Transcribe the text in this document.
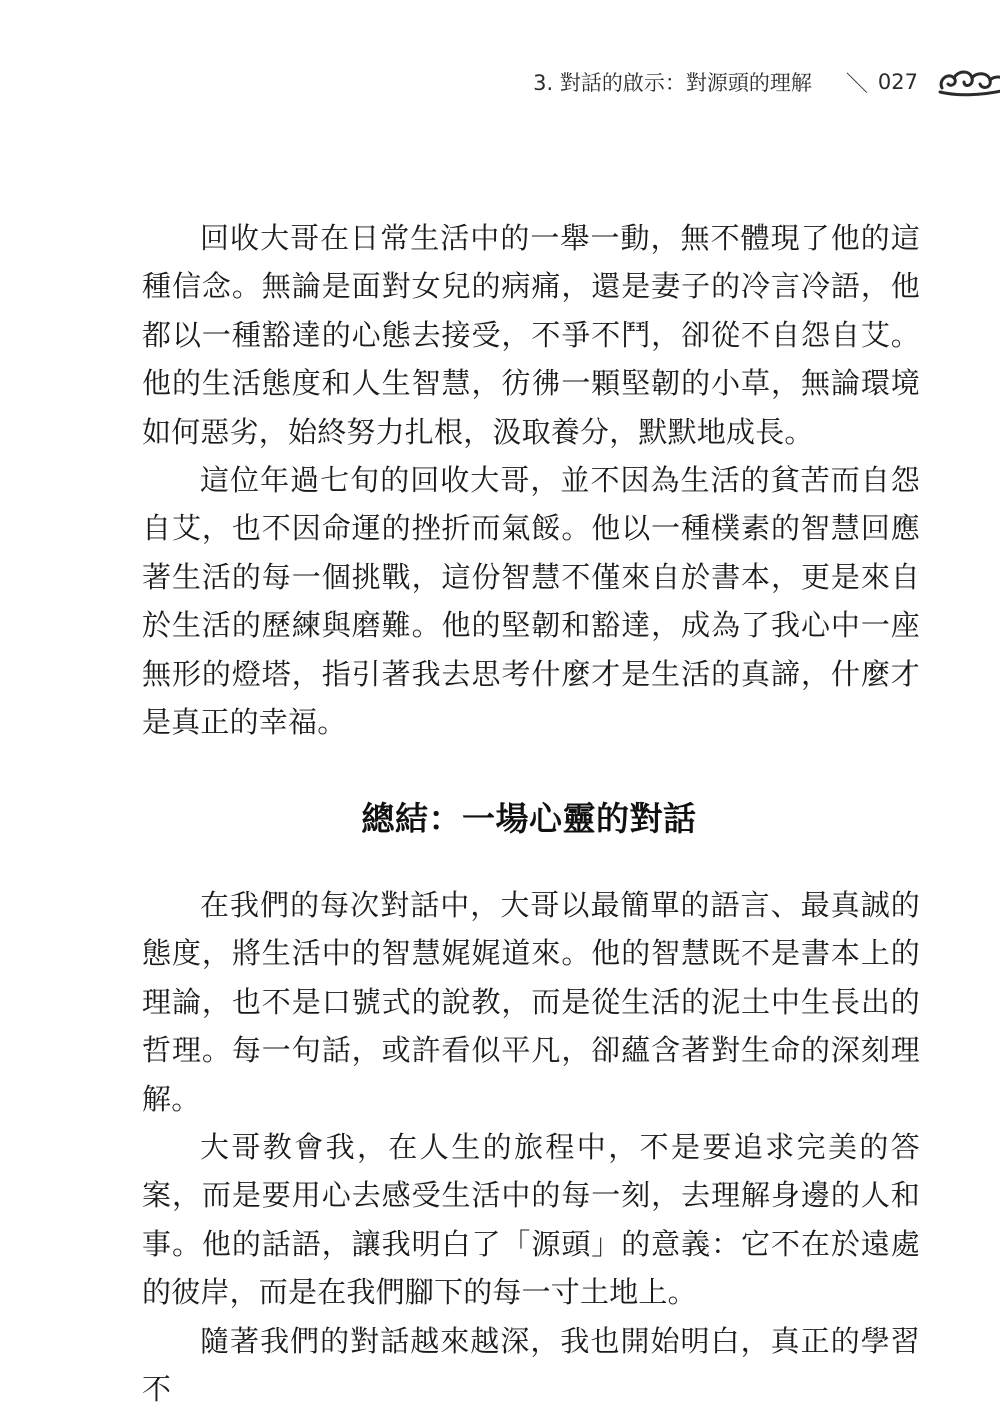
3. 對話的啟示：對源頭的理解 ＼ 027

回收大哥在日常生活中的一舉一動，無不體現了他的這種信念。無論是面對女兒的病痛，還是妻子的冷言冷語，他都以一種豁達的心態去接受，不爭不鬥，卻從不自怨自艾。他的生活態度和人生智慧，彷彿一顆堅韌的小草，無論環境如何惡劣，始終努力扎根，汲取養分，默默地成長。

這位年過七旬的回收大哥，並不因為生活的貧苦而自怨自艾，也不因命運的挫折而氣餒。他以一種樸素的智慧回應著生活的每一個挑戰，這份智慧不僅來自於書本，更是來自於生活的歷練與磨難。他的堅韌和豁達，成為了我心中一座無形的燈塔，指引著我去思考什麼才是生活的真諦，什麼才是真正的幸福。

總結：一場心靈的對話

在我們的每次對話中，大哥以最簡單的語言、最真誠的態度，將生活中的智慧娓娓道來。他的智慧既不是書本上的理論，也不是口號式的說教，而是從生活的泥土中生長出的哲理。每一句話，或許看似平凡，卻蘊含著對生命的深刻理解。

大哥教會我，在人生的旅程中，不是要追求完美的答案，而是要用心去感受生活中的每一刻，去理解身邊的人和事。他的話語，讓我明白了「源頭」的意義：它不在於遠處的彼岸，而是在我們腳下的每一寸土地上。

隨著我們的對話越來越深，我也開始明白，真正的學習不
